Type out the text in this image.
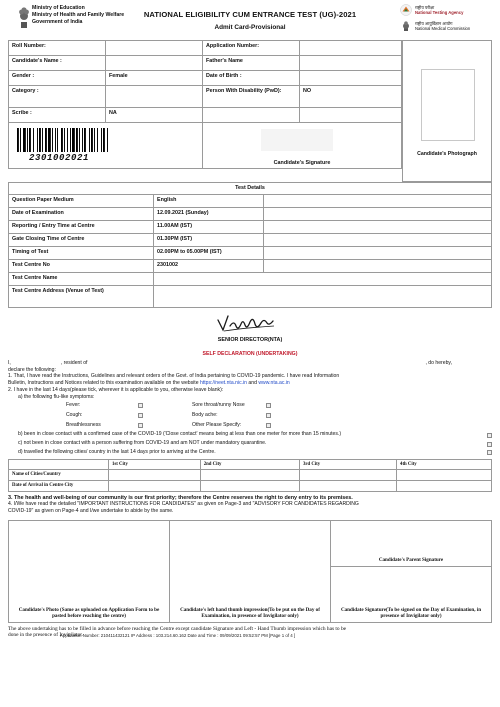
Ministry of Education
Ministry of Health and Family Welfare
Government of India
NATIONAL ELIGIBILITY CUM ENTRANCE TEST (UG)-2021
Admit Card-Provisional
राष्ट्रीय परीक्षा
National Testing Agency
राष्ट्रीय आयुर्विज्ञान आयोग
National Medical Commission
Roll Number:		Application Number:	
Candidate's Name :		Father's Name	
Gender :	Female	Date of Birth :	
Category :		Person With Disability (PwD):	NO
Scribe :	NA		

2301002021		Candidate's Signature	
Candidate's Photograph
Test Details		
Question Paper Medium	English	
Date of Examination	12.09.2021 (Sunday)	
Reporting / Entry Time at Centre	11.00AM (IST)	
Gate Closing Time of Centre	01.30PM (IST)	
Timing of Test	02.00PM to 05.00PM (IST)	
Test Centre No	2301002	
Test Centre Name		
Test Centre Address (Venue of Test)		
SENIOR DIRECTOR(NTA)
SELF DECLARATION (UNDERTAKING)
I,	, resident of	, do hereby,
declare the following:
1. That, I have read the Instructions, Guidelines and relevant orders of the Govt. of India pertaining to COVID-19 pandemic. I have read Information
Bulletin, Instructions and Notices related to this examination available on the website https://neet.nta.nic.in and www.nta.ac.in
2. I have in the last 14 days(please tick, wherever it is applicable to you, otherwise leave blank):
a) the following flu-like symptoms:
Fever:	Sore throat/runny Nose
Cough:	Body ache:
Breathlessness	Other Please Specify:
b) been in close contact with a confirmed case of the COVID-19 ('Close contact' means being at less than one meter for more than 15 minutes.)
c) not been in close contact with a person suffering from COVID-19 and am NOT under mandatory quarantine.
d) travelled the following cities/ country in the last 14 days prior to arriving at the Centre.
	1st City	2nd City	3rd City	4th City
Name of Cities/Country				
Date of Arrival in Centre City				
3. The health and well-being of our community is our first priority; therefore the Centre reserves the right to deny entry to its premises.
4. I/We have read the detailed "IMPORTANT INSTRUCTIONS FOR CANDIDATES" as given on Page-3 and "ADVISORY FOR CANDIDATES REGARDING
COVID-19" as given on Page-4 and I/we undertake to abide by the same.
Candidate's Photo (Same as uploaded on Application Form to be pasted before reaching the centre)	Candidate's left hand thumb impression(To be put on the Day of Examination, in presence of Invigilator only)	Candidate's Parent Signature
Candidate Signature(To be signed on the Day of Examination, in presence of Invigilator only)
The above undertaking has to be filled in advance before reaching the Centre except candidate Signature and Left - Hand Thumb impression which has to be
done in the presence of Invigilator.
Application Number: 210411432121 IP Address : 103.214.60.162 Date and Time : 09/09/2021 09:52:57 PM [Page 1 of 4 ]
